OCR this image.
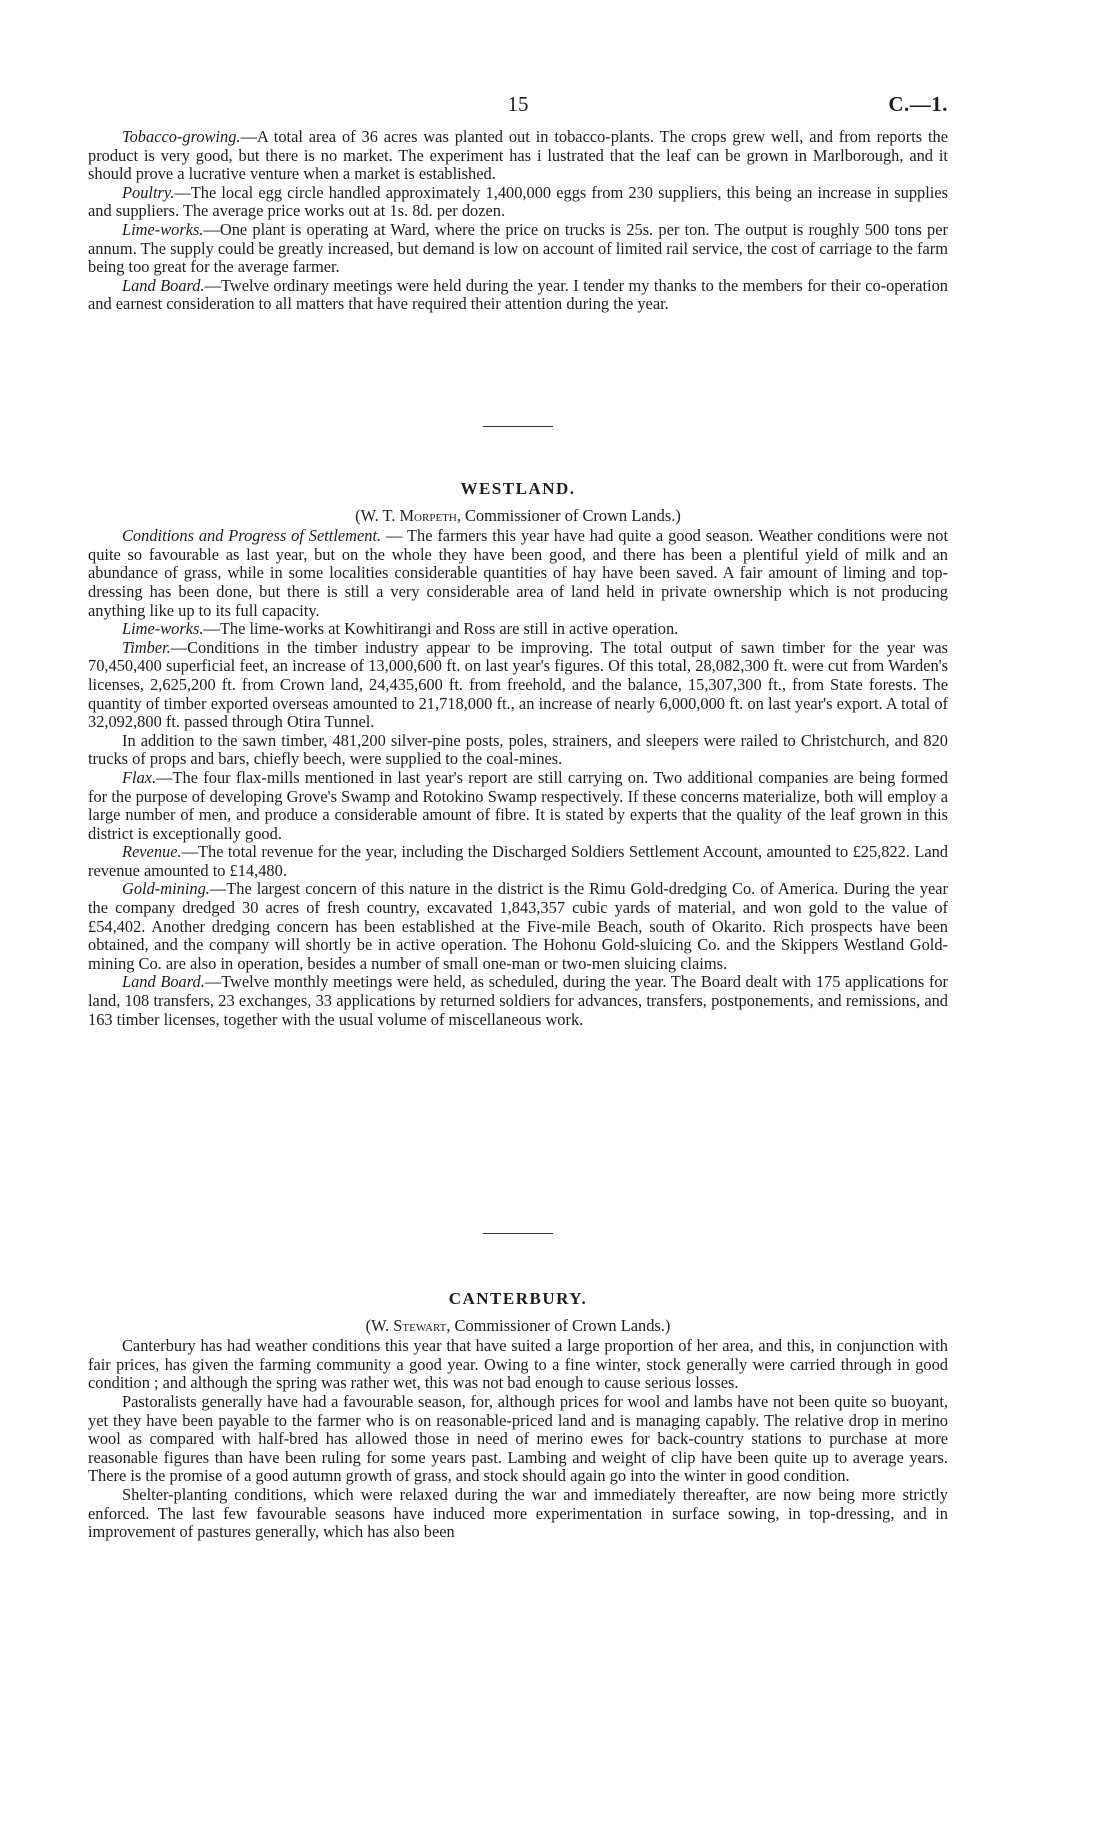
15	C.—1.

Tobacco-growing.—A total area of 36 acres was planted out in tobacco-plants. The crops grew well, and from reports the product is very good, but there is no market. The experiment has i lustrated that the leaf can be grown in Marlborough, and it should prove a lucrative venture when a market is established.

Poultry.—The local egg circle handled approximately 1,400,000 eggs from 230 suppliers, this being an increase in supplies and suppliers. The average price works out at 1s. 8d. per dozen.

Lime-works.—One plant is operating at Ward, where the price on trucks is 25s. per ton. The output is roughly 500 tons per annum. The supply could be greatly increased, but demand is low on account of limited rail service, the cost of carriage to the farm being too great for the average farmer.

Land Board.—Twelve ordinary meetings were held during the year. I tender my thanks to the members for their co-operation and earnest consideration to all matters that have required their attention during the year.

WESTLAND.
(W. T. Morpeth, Commissioner of Crown Lands.)

Conditions and Progress of Settlement. — The farmers this year have had quite a good season. Weather conditions were not quite so favourable as last year, but on the whole they have been good, and there has been a plentiful yield of milk and an abundance of grass, while in some localities considerable quantities of hay have been saved. A fair amount of liming and top-dressing has been done, but there is still a very considerable area of land held in private ownership which is not producing anything like up to its full capacity.

Lime-works.—The lime-works at Kowhitirangi and Ross are still in active operation.

Timber.—Conditions in the timber industry appear to be improving. The total output of sawn timber for the year was 70,450,400 superficial feet, an increase of 13,000,600 ft. on last year's figures. Of this total, 28,082,300 ft. were cut from Warden's licenses, 2,625,200 ft. from Crown land, 24,435,600 ft. from freehold, and the balance, 15,307,300 ft., from State forests. The quantity of timber exported overseas amounted to 21,718,000 ft., an increase of nearly 6,000,000 ft. on last year's export. A total of 32,092,800 ft. passed through Otira Tunnel.

In addition to the sawn timber, 481,200 silver-pine posts, poles, strainers, and sleepers were railed to Christchurch, and 820 trucks of props and bars, chiefly beech, were supplied to the coal-mines.

Flax.—The four flax-mills mentioned in last year's report are still carrying on. Two additional companies are being formed for the purpose of developing Grove's Swamp and Rotokino Swamp respectively. If these concerns materialize, both will employ a large number of men, and produce a considerable amount of fibre. It is stated by experts that the quality of the leaf grown in this district is exceptionally good.

Revenue.—The total revenue for the year, including the Discharged Soldiers Settlement Account, amounted to £25,822. Land revenue amounted to £14,480.

Gold-mining.—The largest concern of this nature in the district is the Rimu Gold-dredging Co. of America. During the year the company dredged 30 acres of fresh country, excavated 1,843,357 cubic yards of material, and won gold to the value of £54,402. Another dredging concern has been established at the Five-mile Beach, south of Okarito. Rich prospects have been obtained, and the company will shortly be in active operation. The Hohonu Gold-sluicing Co. and the Skippers Westland Gold-mining Co. are also in operation, besides a number of small one-man or two-men sluicing claims.

Land Board.—Twelve monthly meetings were held, as scheduled, during the year. The Board dealt with 175 applications for land, 108 transfers, 23 exchanges, 33 applications by returned soldiers for advances, transfers, postponements, and remissions, and 163 timber licenses, together with the usual volume of miscellaneous work.

CANTERBURY.
(W. Stewart, Commissioner of Crown Lands.)

Canterbury has had weather conditions this year that have suited a large proportion of her area, and this, in conjunction with fair prices, has given the farming community a good year. Owing to a fine winter, stock generally were carried through in good condition ; and although the spring was rather wet, this was not bad enough to cause serious losses.

Pastoralists generally have had a favourable season, for, although prices for wool and lambs have not been quite so buoyant, yet they have been payable to the farmer who is on reasonable-priced land and is managing capably. The relative drop in merino wool as compared with half-bred has allowed those in need of merino ewes for back-country stations to purchase at more reasonable figures than have been ruling for some years past. Lambing and weight of clip have been quite up to average years. There is the promise of a good autumn growth of grass, and stock should again go into the winter in good condition.

Shelter-planting conditions, which were relaxed during the war and immediately thereafter, are now being more strictly enforced. The last few favourable seasons have induced more experimentation in surface sowing, in top-dressing, and in improvement of pastures generally, which has also been
